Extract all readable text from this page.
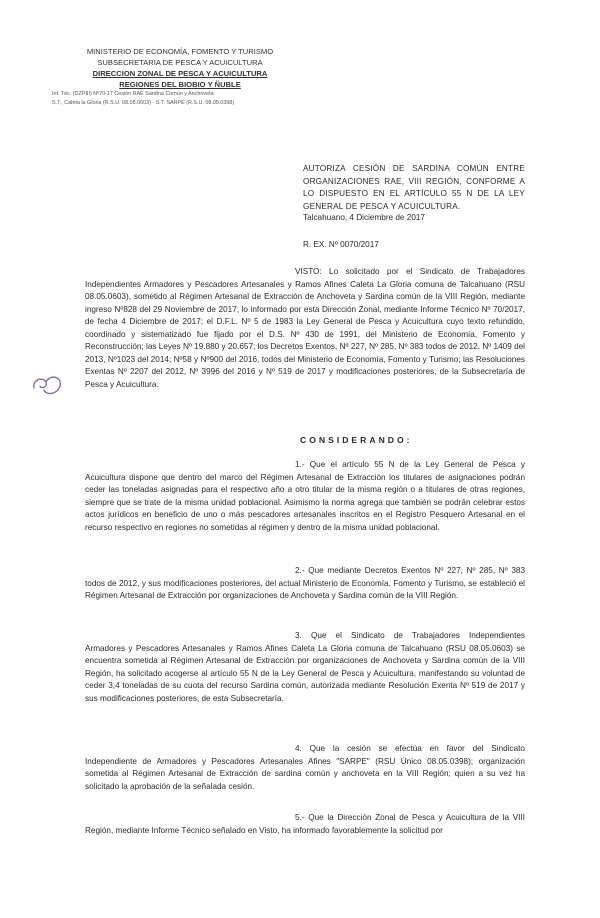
MINISTERIO DE ECONOMÍA, FOMENTO Y TURISMO
SUBSECRETARIA DE PESCA Y ACUICULTURA
DIRECCION ZONAL DE PESCA Y ACUICULTURA
REGIONES DEL BIOBIO Y ÑUBLE
Inf. Téc. (DZPIII) Nº70-17 Cesión RAE Sardina Común y Anchoveta
S.T., Caleta la Gloria (R.S.U. 08.05.0603) - S.T. SARPE (R.S.U. 08.05.0398)
AUTORIZA CESIÓN DE SARDINA COMÚN ENTRE ORGANIZACIONES RAE, VIII REGIÓN, CONFORME A LO DISPUESTO EN EL ARTÍCULO 55 N DE LA LEY GENERAL DE PESCA Y ACUICULTURA.
Talcahuano, 4 Diciembre de 2017
R. EX. Nº 0070/2017
VISTO: Lo solicitado por el Sindicato de Trabajadores Independientes Armadores y Pescadores Artesanales y Ramos Afines Caleta La Gloria comuna de Talcahuano (RSU 08.05.0603), sometido al Régimen Artesanal de Extracción de Anchoveta y Sardina común de la VIII Región, mediante ingreso Nº828 del 29 Noviembre de 2017; lo informado por esta Dirección Zonal, mediante Informe Técnico Nº 70/2017, de fecha 4 Diciembre de 2017; el D.F.L. Nº 5 de 1983 la Ley General de Pesca y Acuicultura cuyo texto refundido, coordinado y sistematizado fue fijado por el D.S. Nº 430 de 1991, del Ministerio de Economía, Fomento y Reconstrucción; las Leyes Nº 19.880 y 20.657; los Decretos Exentos, Nº 227, Nº 285, Nº 383 todos de 2012, Nº 1409 del 2013, Nº1023 del 2014; Nº58 y Nº900 del 2016, todos del Ministerio de Economía, Fomento y Turismo; las Resoluciones Exentas Nº 2207 del 2012, Nº 3996 del 2016 y Nº 519 de 2017 y modificaciones posteriores, de la Subsecretaría de Pesca y Acuicultura.
CONSIDERANDO:
1.- Que el artículo 55 N de la Ley General de Pesca y Acuicultura dispone que dentro del marco del Régimen Artesanal de Extracción los titulares de asignaciones podrán ceder las toneladas asignadas para el respectivo año a otro titular de la misma región o a titulares de otras regiones, siempre que se trate de la misma unidad poblacional. Asimismo la norma agrega que también se podrán celebrar estos actos jurídicos en beneficio de uno o más pescadores artesanales inscritos en el Registro Pesquero Artesanal en el recurso respectivo en regiones no sometidas al régimen y dentro de la misma unidad poblacional.
2.- Que mediante Decretos Exentos Nº 227, Nº 285, Nº 383 todos de 2012, y sus modificaciones posteriores, del actual Ministerio de Economía, Fomento y Turismo, se estableció el Régimen Artesanal de Extracción por organizaciones de Anchoveta y Sardina común de la VIII Región.
3. Que el Sindicato de Trabajadores Independientes Armadores y Pescadores Artesanales y Ramos Afines Caleta La Gloria comuna de Talcahuano (RSU 08.05.0603) se encuentra sometida al Régimen Artesanal de Extracción por organizaciones de Anchoveta y Sardina común de la VIII Región, ha solicitado acogerse al artículo 55 N de la Ley General de Pesca y Acuicultura, manifestando su voluntad de ceder 3,4 toneladas de su cuota del recurso Sardina común, autorizada mediante Resolución Exenta Nº 519 de 2017 y sus modificaciones posteriores, de esta Subsecretaría.
4. Que la cesión se efectúa en favor del Sindicato Independiente de Armadores y Pescadores Artesanales Afines "SARPE" (RSU Único 08.05.0398); organización sometida al Régimen Artesanal de Extracción de sardina común y anchoveta en la VIII Región; quien a su vez ha solicitado la aprobación de la señalada cesión.
5.- Que la Dirección Zonal de Pesca y Acuicultura de la VIII Región, mediante Informe Técnico señalado en Visto, ha informado favorablemente la solicitud por
